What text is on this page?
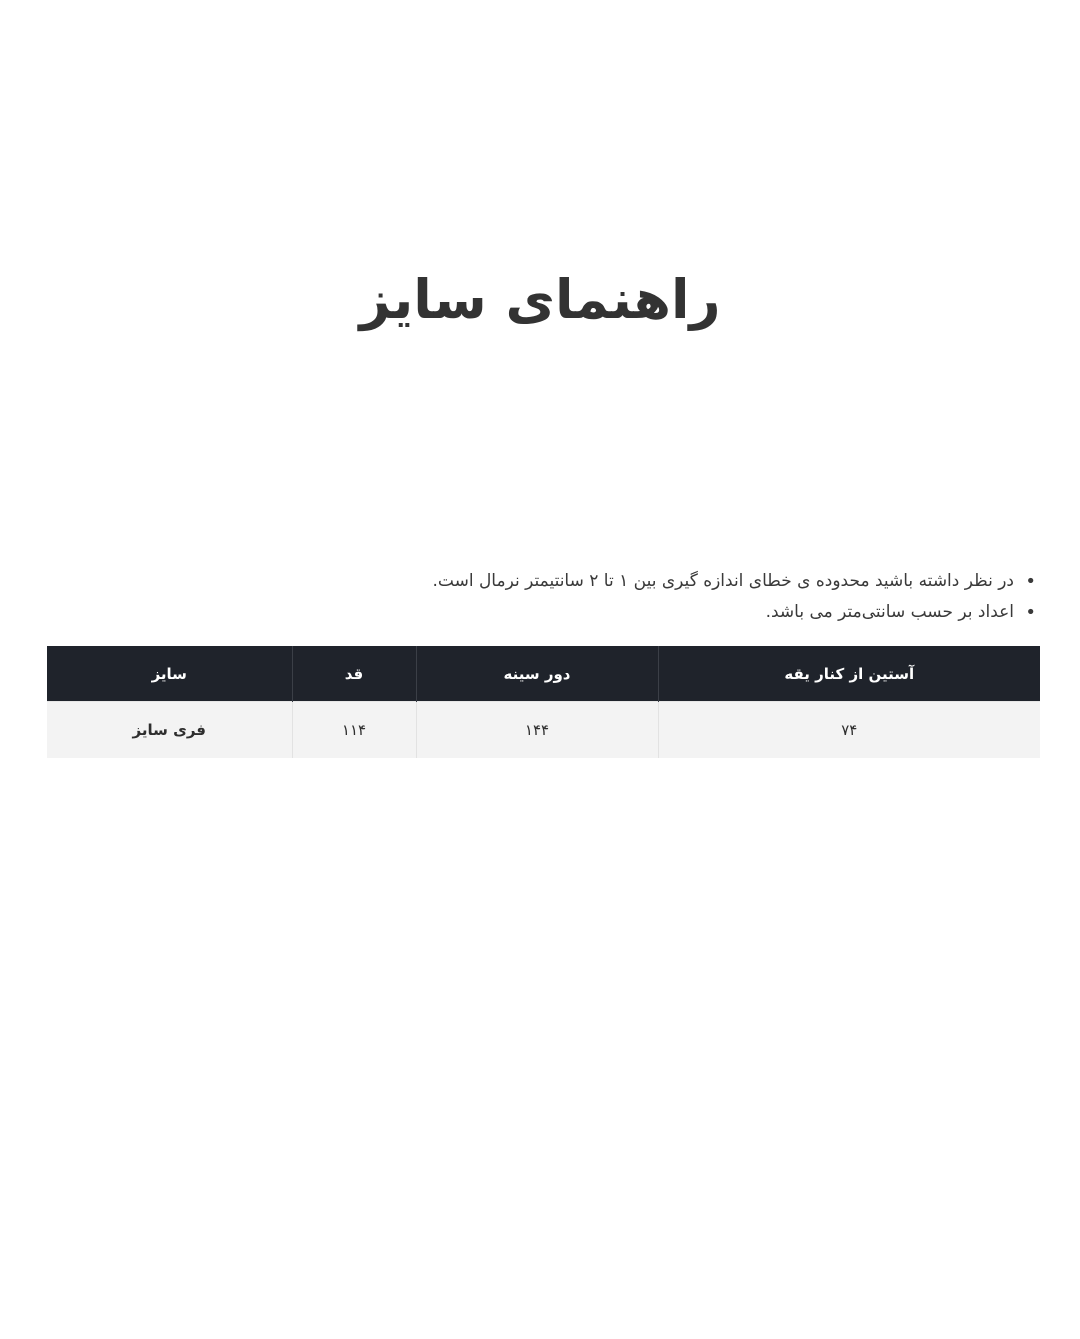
راهنمای سایز
• در نظر داشته باشید محدوده ی خطای اندازه گیری بین ۱ تا ۲ سانتیمتر نرمال است.
• اعداد بر حسب سانتی‌متر می باشد.
آستین از کنار یقه	دور سینه	قد	سایز
۷۴	۱۴۴	۱۱۴	فری سایز
